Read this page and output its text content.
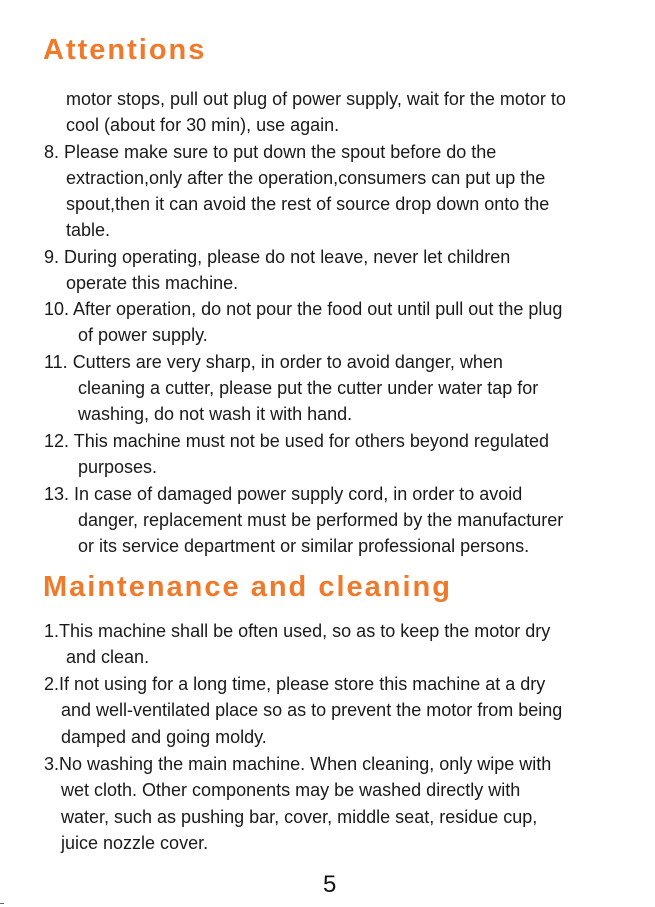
Attentions

motor stops, pull out plug of power supply, wait for the motor to

cool (about for 30 min), use again.

8. Please make sure to put down the spout before do the

extraction,only after the operation,consumers can put up the

spout,then it can avoid the rest of source drop down onto the

table.

9. During operating, please do not leave, never let children

operate this machine.

10. After operation, do not pour the food out until pull out the plug

of power supply.

11. Cutters are very sharp, in order to avoid danger, when

cleaning a cutter, please put the cutter under water tap for

washing, do not wash it with hand.

12. This machine must not be used for others beyond regulated

purposes.

13. In case of damaged power supply cord, in order to avoid

danger, replacement must be performed by the manufacturer

or its service department or similar professional persons.

Maintenance and cleaning

1.This machine shall be often used, so as to keep the motor dry

and clean.

2.If not using for a long time, please store this machine at a dry

and well-ventilated place so as to prevent the motor from being

damped and going moldy.

3.No washing the main machine. When cleaning, only wipe with

wet cloth. Other components may be washed directly with

water, such as pushing bar, cover, middle seat, residue cup,

juice nozzle cover.

5
